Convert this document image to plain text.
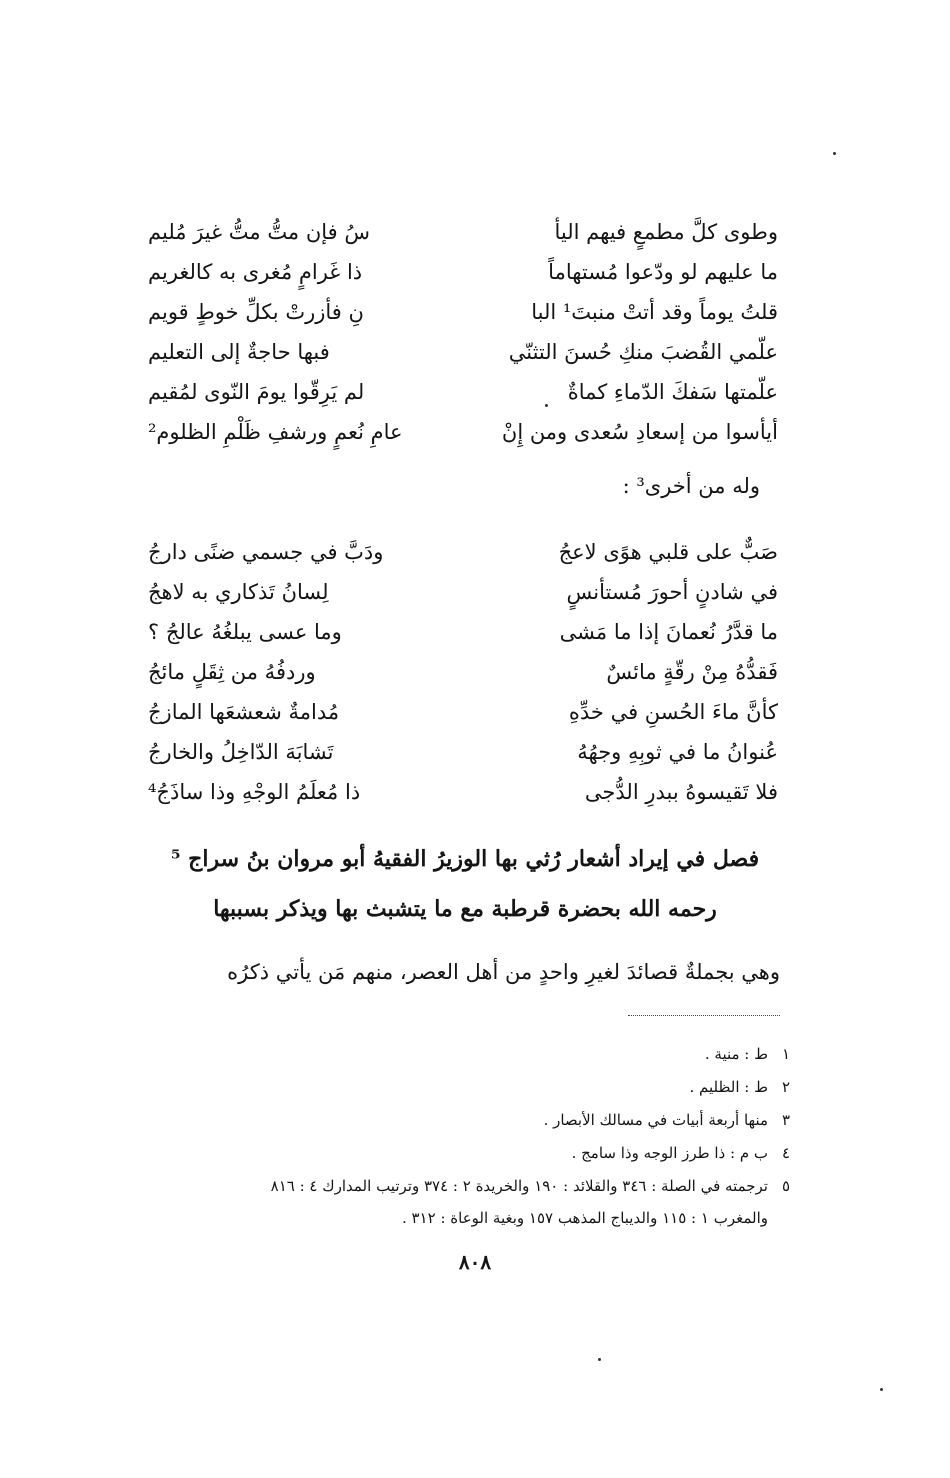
وطوى كلَّ مطمعٍ فيهم اليأ
سُ فإن متُّ متُّ غيرَ مُليم
ما عليهم لو ودّعوا مُستهاماً
ذا غَرامٍ مُغرى به كالغريم
قلتُ يوماً وقد أتتْ منبتَ¹ البا
نِ فأزرتْ بكلِّ خوطٍ قويم
علّمي القُضبَ منكِ حُسنَ التثنّي
فبها حاجةٌ إلى التعليم
علّمتها سَفكَ الدّماءِ كماةٌ
لم يَرِقّوا يومَ النّوى لمُقيم
أيأسوا من إسعادِ سُعدى ومن إِنْ
عامِ نُعمٍ ورشفِ ظَلْمِ الظلوم²
وله من أخرى³ :
صَبٌّ على قلبي هوًى لاعجُ
ودَبَّ في جسمي ضنًى دارجُ
في شادنٍ أحورَ مُستأنسٍ
لِسانُ تَذكاري به لاهجُ
ما قدَّرُ نُعمانَ إذا ما مَشى
وما عسى يبلغُهُ عالجُ ؟
فَقدُّهُ مِنْ رقّةٍ مائسٌ
وردفُهُ من ثِقَلٍ مائجُ
كأنَّ ماءَ الحُسنِ في خدِّهِ
مُدامةٌ شعشعَها المازجُ
عُنوانُ ما في ثوبِهِ وجهُهُ
تَشابَهَ الدّاخِلُ والخارجُ
فلا تَقيسوهُ ببدرِ الدُّجى
ذا مُعلَمُ الوجْهِ وذا ساذَجُ⁴
فصل في إيراد أشعار رُثي بها الوزيرُ الفقيهُ أبو مروان بنُ سراج ⁵
رحمه الله بحضرة قرطبة مع ما يتشبث بها ويذكر بسببها
وهي بجملةٌ قصائدَ لغيرِ واحدٍ من أهل العصر، منهم مَن يأتي ذكرُه
١
ط : منية .
٢
ط : الظليم .
٣
منها أربعة أبيات في مسالك الأبصار .
٤
ب م : ذا طرز الوجه وذا سامج .
٥
ترجمته في الصلة : ٣٤٦ والقلائد : ١٩٠ والخريدة ٢ : ٣٧٤ وترتيب المدارك ٤ : ٨١٦
والمغرب ١ : ١١٥ والديباج المذهب ١٥٧ وبغية الوعاة : ٣١٢ .
٨٠٨
